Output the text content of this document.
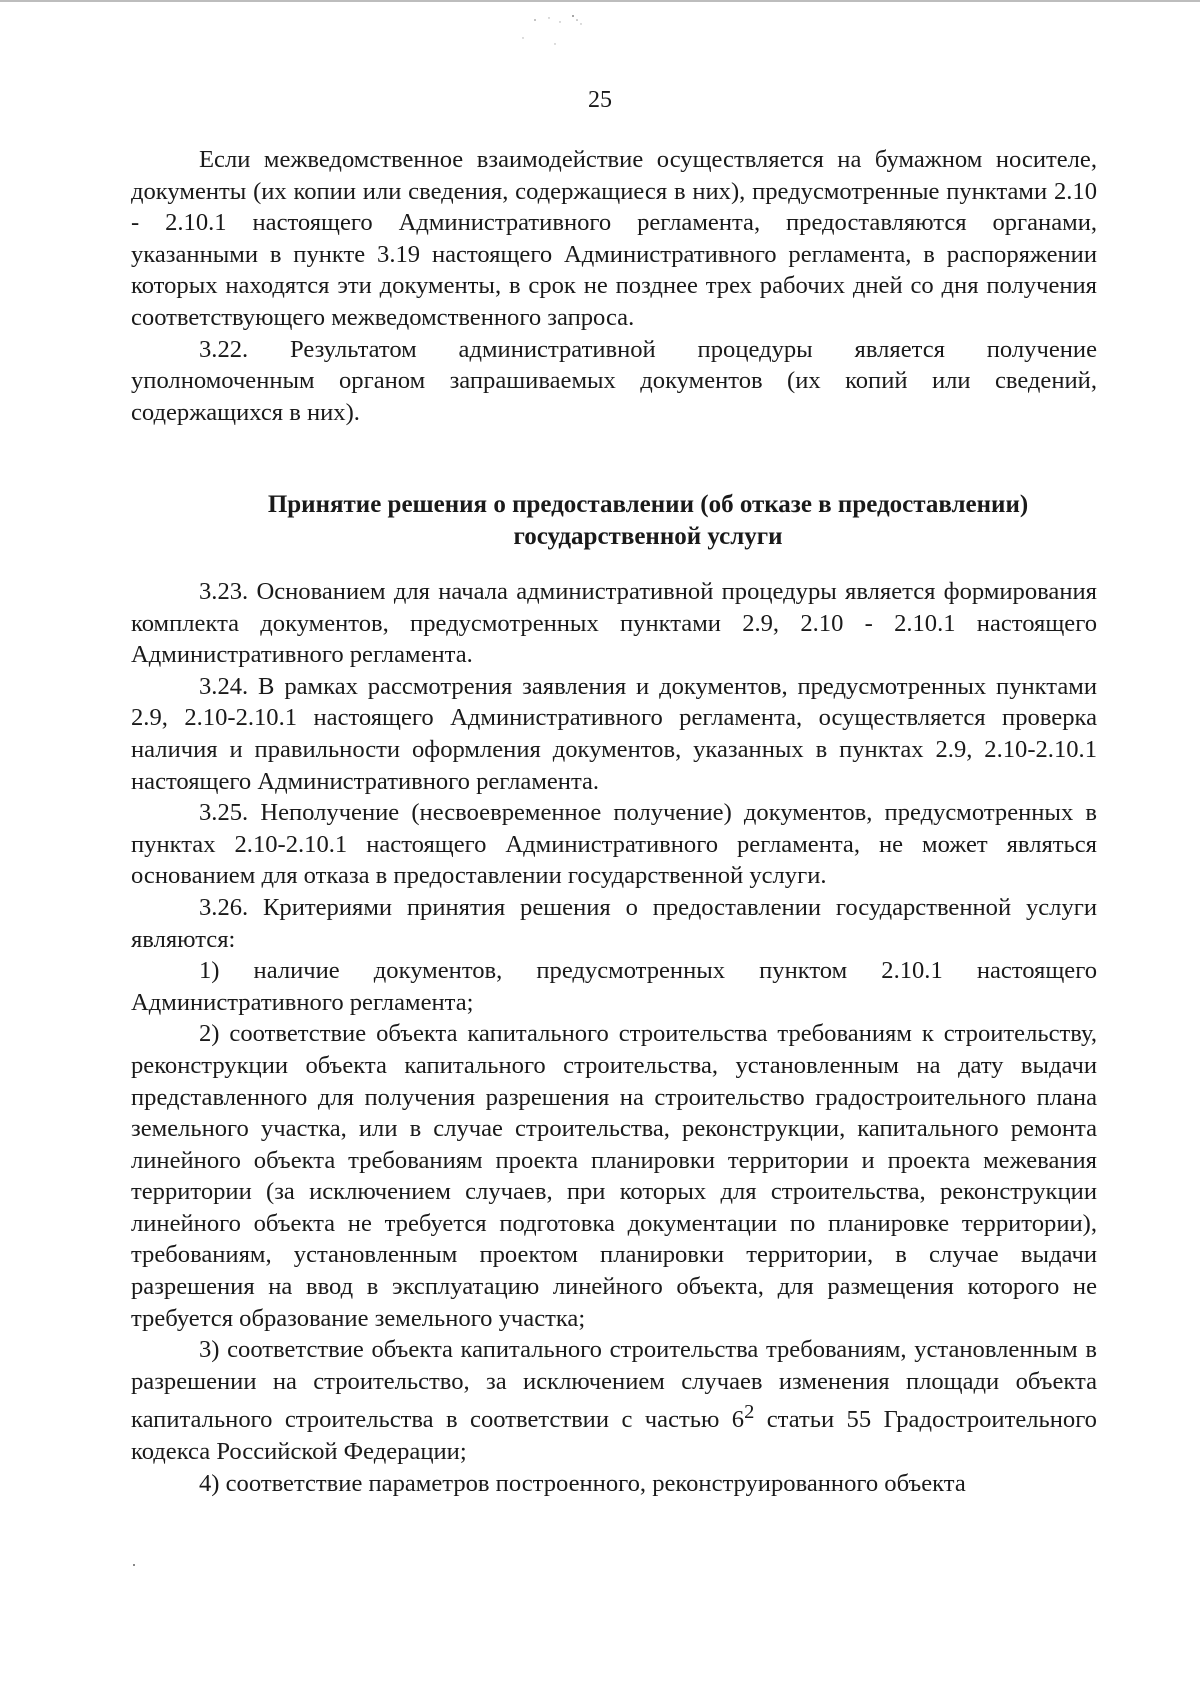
25

Если межведомственное взаимодействие осуществляется на бумажном носителе, документы (их копии или сведения, содержащиеся в них), предусмотренные пунктами 2.10 - 2.10.1 настоящего Административного регламента, предоставляются органами, указанными в пункте 3.19 настоящего Административного регламента, в распоряжении которых находятся эти документы, в срок не позднее трех рабочих дней со дня получения соответствующего межведомственного запроса.

3.22. Результатом административной процедуры является получение уполномоченным органом запрашиваемых документов (их копий или сведений, содержащихся в них).

Принятие решения о предоставлении (об отказе в предоставлении)

государственной услуги

3.23. Основанием для начала административной процедуры является формирования комплекта документов, предусмотренных пунктами 2.9, 2.10 - 2.10.1 настоящего Административного регламента.

3.24. В рамках рассмотрения заявления и документов, предусмотренных пунктами 2.9, 2.10-2.10.1 настоящего Административного регламента, осуществляется проверка наличия и правильности оформления документов, указанных в пунктах 2.9, 2.10-2.10.1 настоящего Административного регламента.

3.25. Неполучение (несвоевременное получение) документов, предусмотренных в пунктах 2.10-2.10.1 настоящего Административного регламента, не может являться основанием для отказа в предоставлении государственной услуги.

3.26. Критериями принятия решения о предоставлении государственной услуги являются:

1) наличие документов, предусмотренных пунктом 2.10.1 настоящего Административного регламента;

2) соответствие объекта капитального строительства требованиям к строительству, реконструкции объекта капитального строительства, установленным на дату выдачи представленного для получения разрешения на строительство градостроительного плана земельного участка, или в случае строительства, реконструкции, капитального ремонта линейного объекта требованиям проекта планировки территории и проекта межевания территории (за исключением случаев, при которых для строительства, реконструкции линейного объекта не требуется подготовка документации по планировке территории), требованиям, установленным проектом планировки территории, в случае выдачи разрешения на ввод в эксплуатацию линейного объекта, для размещения которого не требуется образование земельного участка;

3) соответствие объекта капитального строительства требованиям, установленным в разрешении на строительство, за исключением случаев изменения площади объекта капитального строительства в соответствии с частью $6^2$ статьи 55 Градостроительного кодекса Российской Федерации;

4) соответствие параметров построенного, реконструированного объекта
